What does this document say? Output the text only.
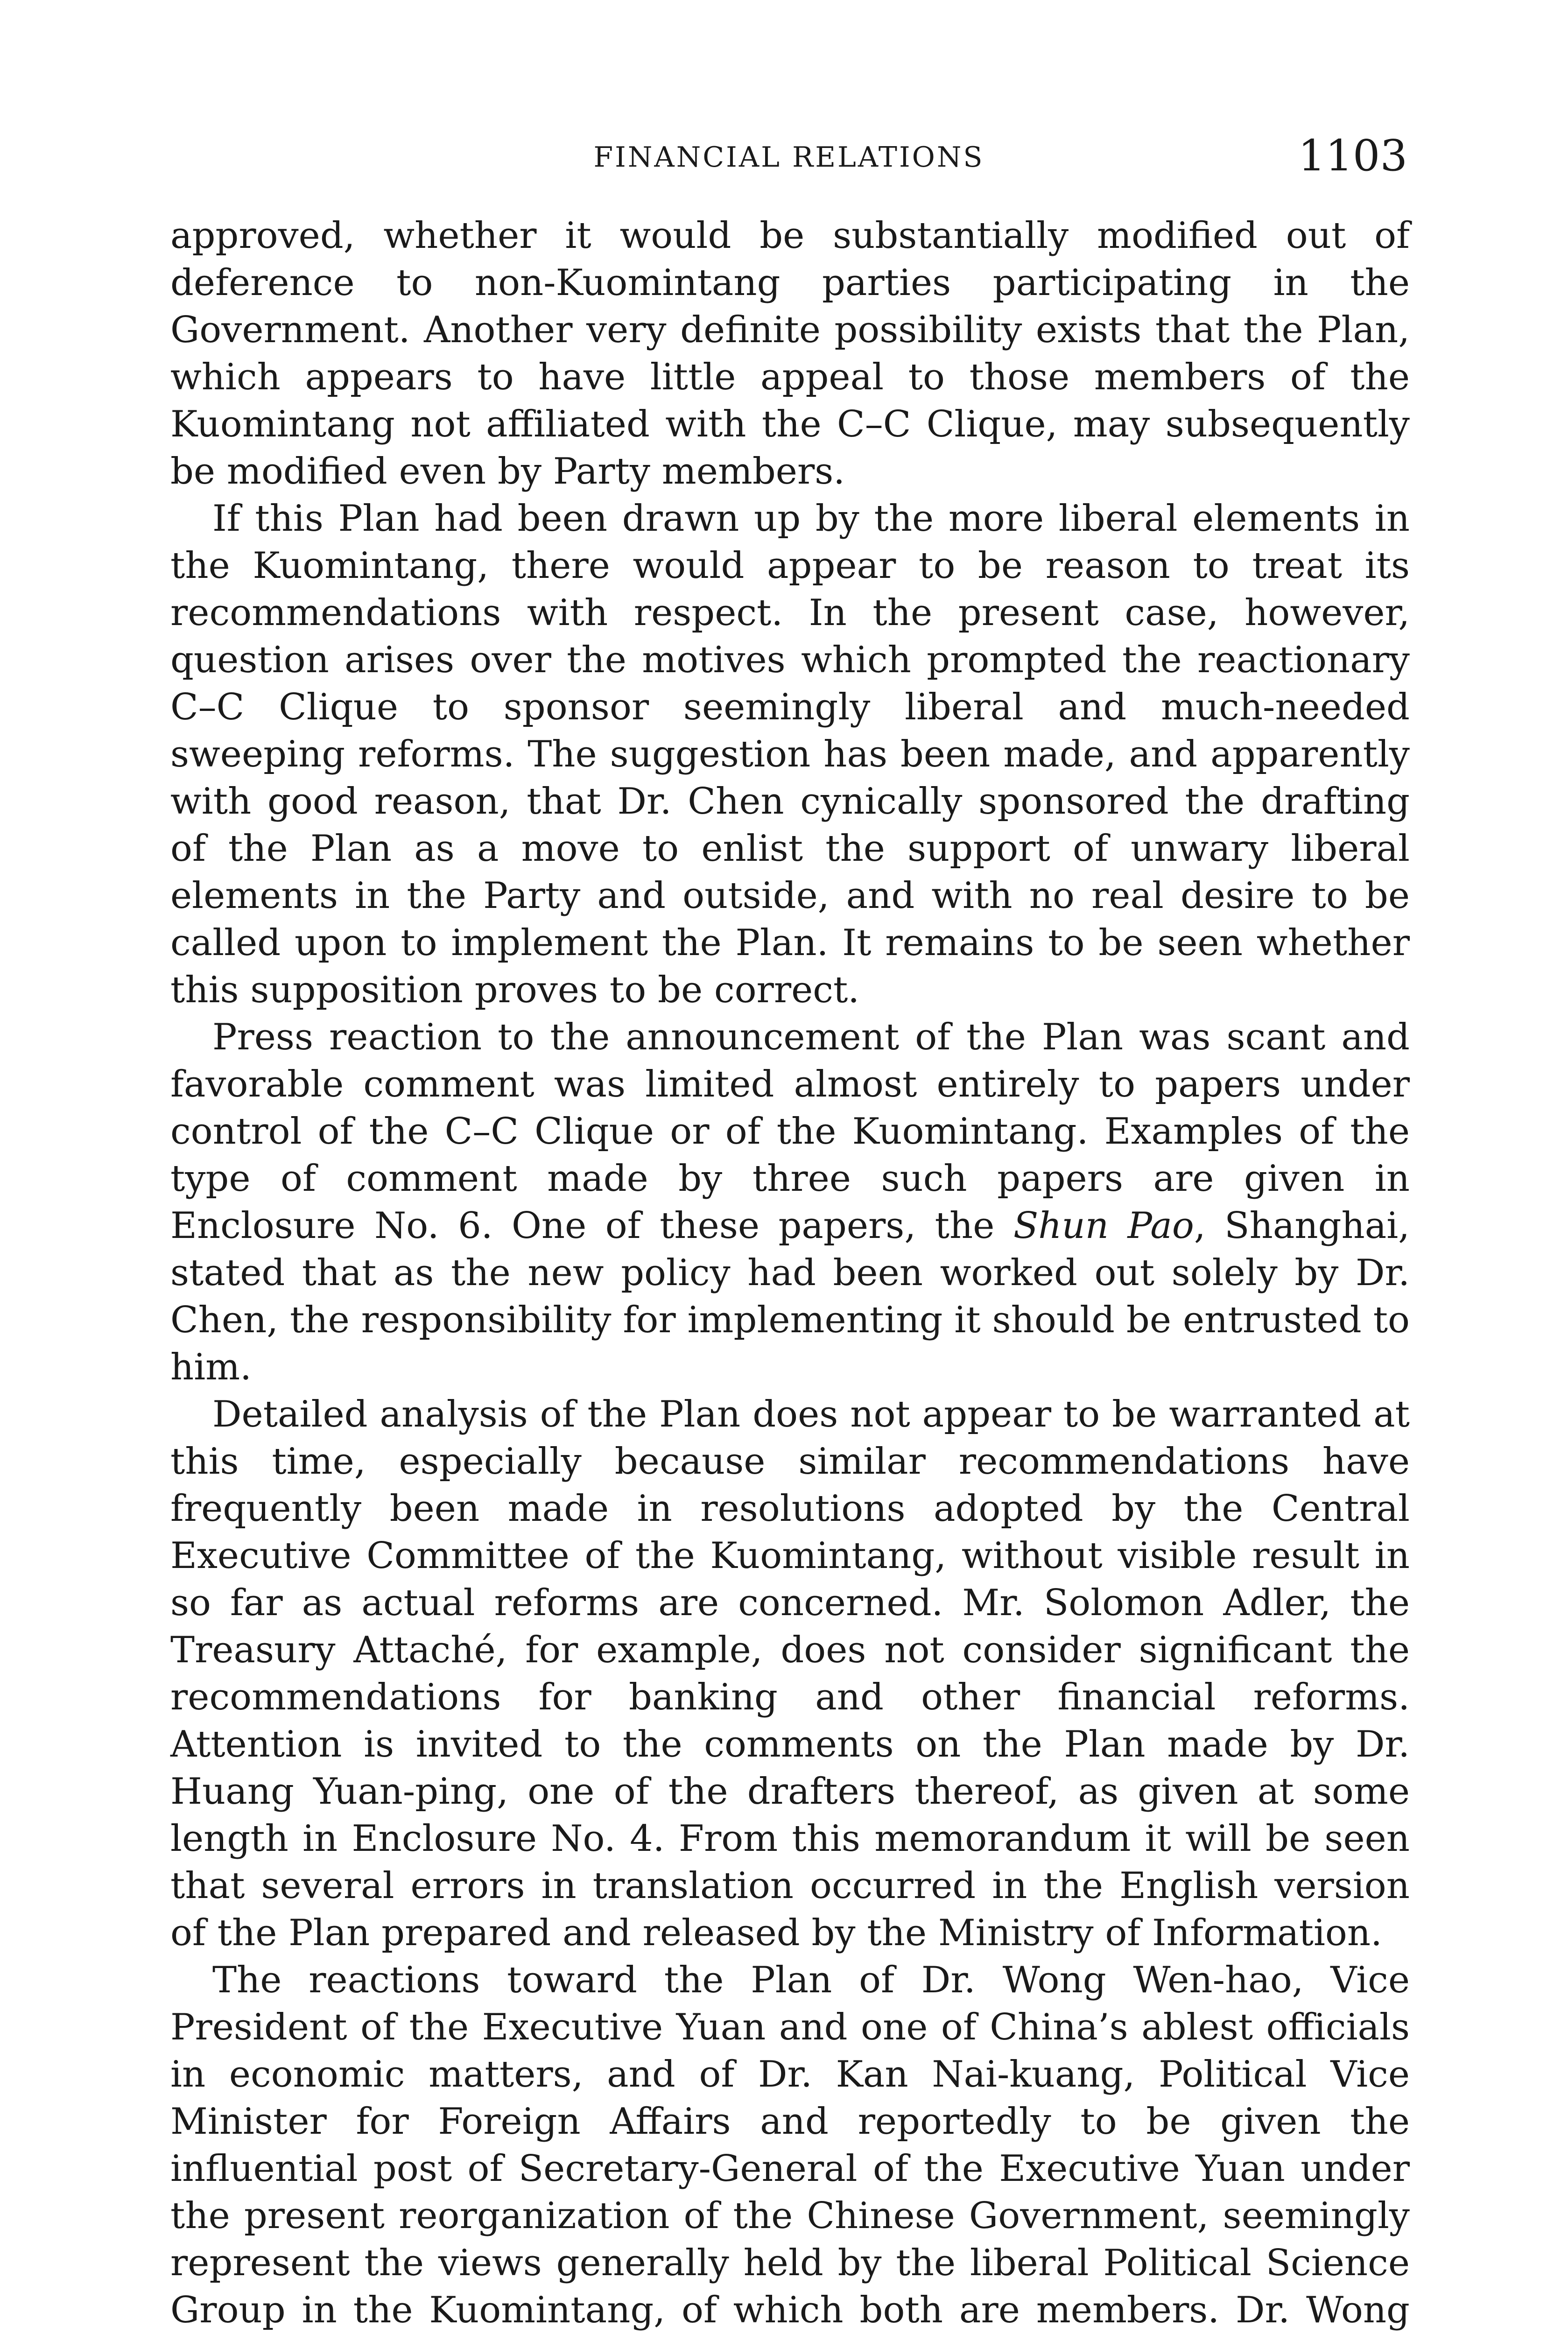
FINANCIAL RELATIONS	1103

approved, whether it would be substantially modified out of deference to non-Kuomintang parties participating in the Government. Another very definite possibility exists that the Plan, which appears to have little appeal to those members of the Kuomintang not affiliated with the C–C Clique, may subsequently be modified even by Party members.

If this Plan had been drawn up by the more liberal elements in the Kuomintang, there would appear to be reason to treat its recommendations with respect. In the present case, however, question arises over the motives which prompted the reactionary C–C Clique to sponsor seemingly liberal and much-needed sweeping reforms. The suggestion has been made, and apparently with good reason, that Dr. Chen cynically sponsored the drafting of the Plan as a move to enlist the support of unwary liberal elements in the Party and outside, and with no real desire to be called upon to implement the Plan. It remains to be seen whether this supposition proves to be correct.

Press reaction to the announcement of the Plan was scant and favorable comment was limited almost entirely to papers under control of the C–C Clique or of the Kuomintang. Examples of the type of comment made by three such papers are given in Enclosure No. 6. One of these papers, the Shun Pao, Shanghai, stated that as the new policy had been worked out solely by Dr. Chen, the responsibility for implementing it should be entrusted to him.

Detailed analysis of the Plan does not appear to be warranted at this time, especially because similar recommendations have frequently been made in resolutions adopted by the Central Executive Committee of the Kuomintang, without visible result in so far as actual reforms are concerned. Mr. Solomon Adler, the Treasury Attaché, for example, does not consider significant the recommendations for banking and other financial reforms. Attention is invited to the comments on the Plan made by Dr. Huang Yuan-ping, one of the drafters thereof, as given at some length in Enclosure No. 4. From this memorandum it will be seen that several errors in translation occurred in the English version of the Plan prepared and released by the Ministry of Information.

The reactions toward the Plan of Dr. Wong Wen-hao, Vice President of the Executive Yuan and one of China’s ablest officials in economic matters, and of Dr. Kan Nai-kuang, Political Vice Minister for Foreign Affairs and reportedly to be given the influential post of Secretary-General of the Executive Yuan under the present reorganization of the Chinese Government, seemingly represent the views generally held by the liberal Political Science Group in the Kuomintang, of which both are members. Dr. Wong
